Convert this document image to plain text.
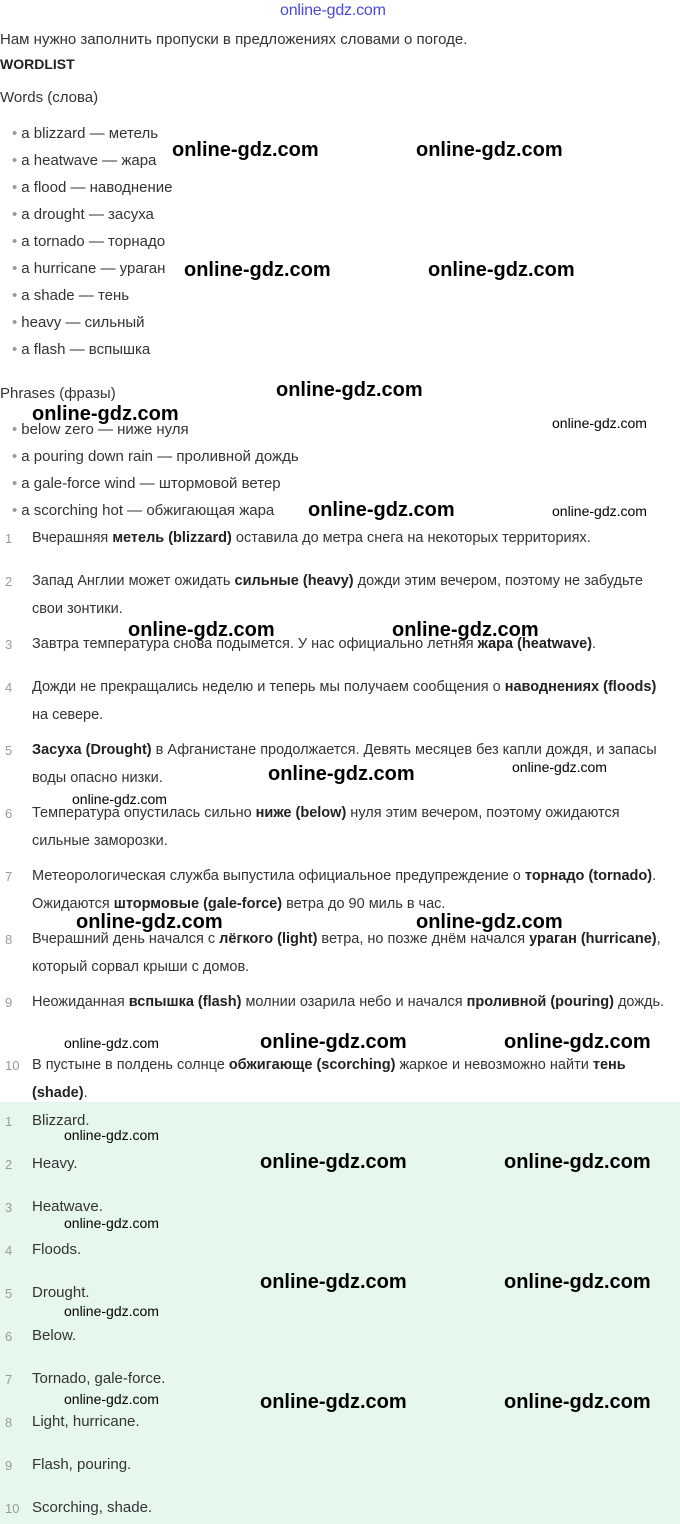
online-gdz.com
Нам нужно заполнить пропуски в предложениях словами о погоде.
WORDLIST
Words (слова)
• a blizzard — метель
• a heatwave — жара
• a flood — наводнение
• a drought — засуха
• a tornado — торнадо
• a hurricane — ураган
• a shade — тень
• heavy — сильный
• a flash — вспышка
Phrases (фразы)
• below zero — ниже нуля
• a pouring down rain — проливной дождь
• a gale-force wind — штормовой ветер
• a scorching hot — обжигающая жара
1	Вчерашняя метель (blizzard) оставила до метра снега на некоторых территориях.
2	Запад Англии может ожидать сильные (heavy) дожди этим вечером, поэтому не забудьте свои зонтики.
3	Завтра температура снова подымется. У нас официально летняя жара (heatwave).
4	Дожди не прекращались неделю и теперь мы получаем сообщения о наводнениях (floods) на севере.
5	Засуха (Drought) в Афганистане продолжается. Девять месяцев без капли дождя, и запасы воды опасно низки.
6	Температура опустилась сильно ниже (below) нуля этим вечером, поэтому ожидаются сильные заморозки.
7	Метеорологическая служба выпустила официальное предупреждение о торнадо (tornado). Ожидаются штормовые (gale-force) ветра до 90 миль в час.
8	Вчерашний день начался с лёгкого (light) ветра, но позже днём начался ураган (hurricane), который сорвал крыши с домов.
9	Неожиданная вспышка (flash) молнии озарила небо и начался проливной (pouring) дождь.
10 В пустыне в полдень солнце обжигающе (scorching) жаркое и невозможно найти тень (shade).
1	Blizzard.
2	Heavy.
3	Heatwave.
4	Floods.
5	Drought.
6	Below.
7	Tornado, gale-force.
8	Light, hurricane.
9	Flash, pouring.
10 Scorching, shade.
online-gdz.com	online-gdz.com
online-gdz.com	online-gdz.com
online-gdz.com
online-gdz.com	online-gdz.com
online-gdz.com	online-gdz.com
online-gdz.com	online-gdz.com
online-gdz.com	online-gdz.com
online-gdz.com
online-gdz.com	online-gdz.com
online-gdz.com	online-gdz.com	online-gdz.com
online-gdz.com
online-gdz.com	online-gdz.com
online-gdz.com
online-gdz.com	online-gdz.com
online-gdz.com
online-gdz.com	online-gdz.com	online-gdz.com
